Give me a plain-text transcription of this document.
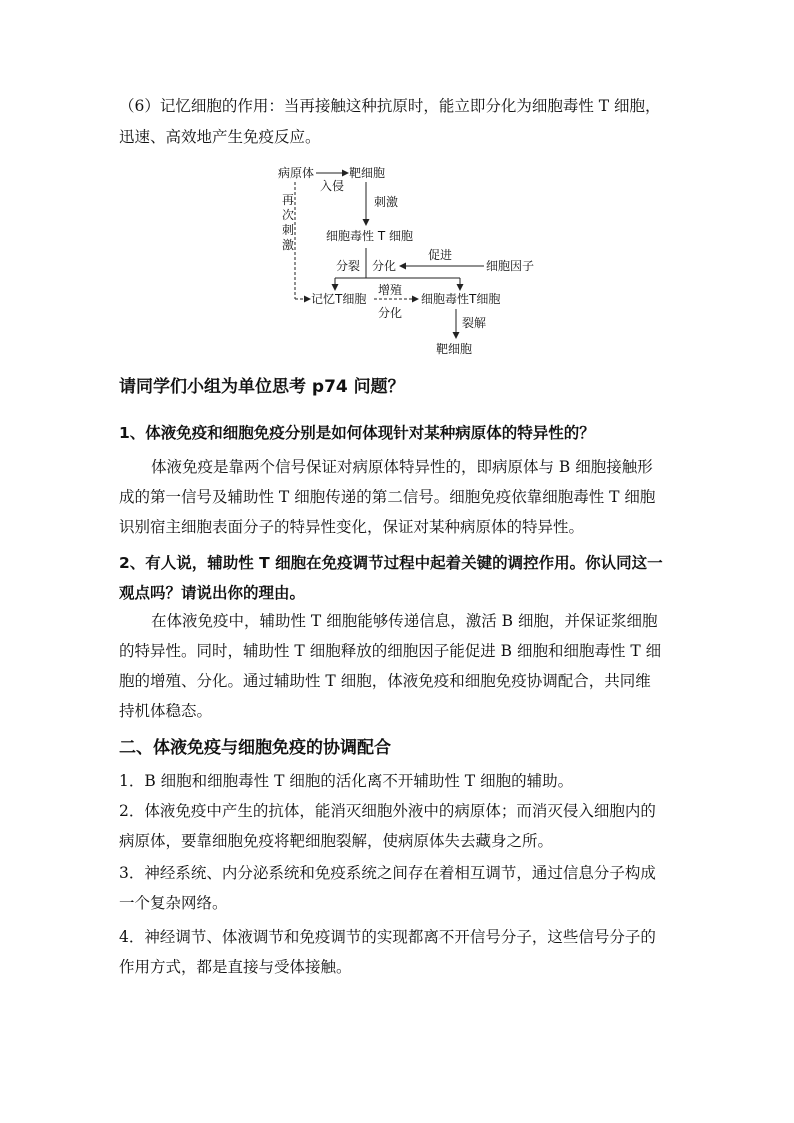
（6）记忆细胞的作用：当再接触这种抗原时，能立即分化为细胞毒性 T 细胞，
迅速、高效地产生免疫反应。
病原体	靶细胞
入侵
刺激
细胞毒性 T 细胞
再
次
刺
激
分裂 分化
促进
细胞因子
记忆T细胞
增殖
分化
细胞毒性T细胞
裂解
靶细胞
请同学们小组为单位思考 p74 问题？
1、体液免疫和细胞免疫分别是如何体现针对某种病原体的特异性的？
体液免疫是靠两个信号保证对病原体特异性的，即病原体与 B 细胞接触形
成的第一信号及辅助性 T 细胞传递的第二信号。细胞免疫依靠细胞毒性 T 细胞
识别宿主细胞表面分子的特异性变化，保证对某种病原体的特异性。
2、有人说，辅助性 T 细胞在免疫调节过程中起着关键的调控作用。你认同这一
观点吗？请说出你的理由。
在体液免疫中，辅助性 T 细胞能够传递信息，激活 B 细胞，并保证浆细胞
的特异性。同时，辅助性 T 细胞释放的细胞因子能促进 B 细胞和细胞毒性 T 细
胞的增殖、分化。通过辅助性 T 细胞，体液免疫和细胞免疫协调配合，共同维
持机体稳态。
二、体液免疫与细胞免疫的协调配合
1．B 细胞和细胞毒性 T 细胞的活化离不开辅助性 T 细胞的辅助。
2．体液免疫中产生的抗体，能消灭细胞外液中的病原体；而消灭侵入细胞内的
病原体，要靠细胞免疫将靶细胞裂解，使病原体失去藏身之所。
3．神经系统、内分泌系统和免疫系统之间存在着相互调节，通过信息分子构成
一个复杂网络。
4．神经调节、体液调节和免疫调节的实现都离不开信号分子，这些信号分子的
作用方式，都是直接与受体接触。
